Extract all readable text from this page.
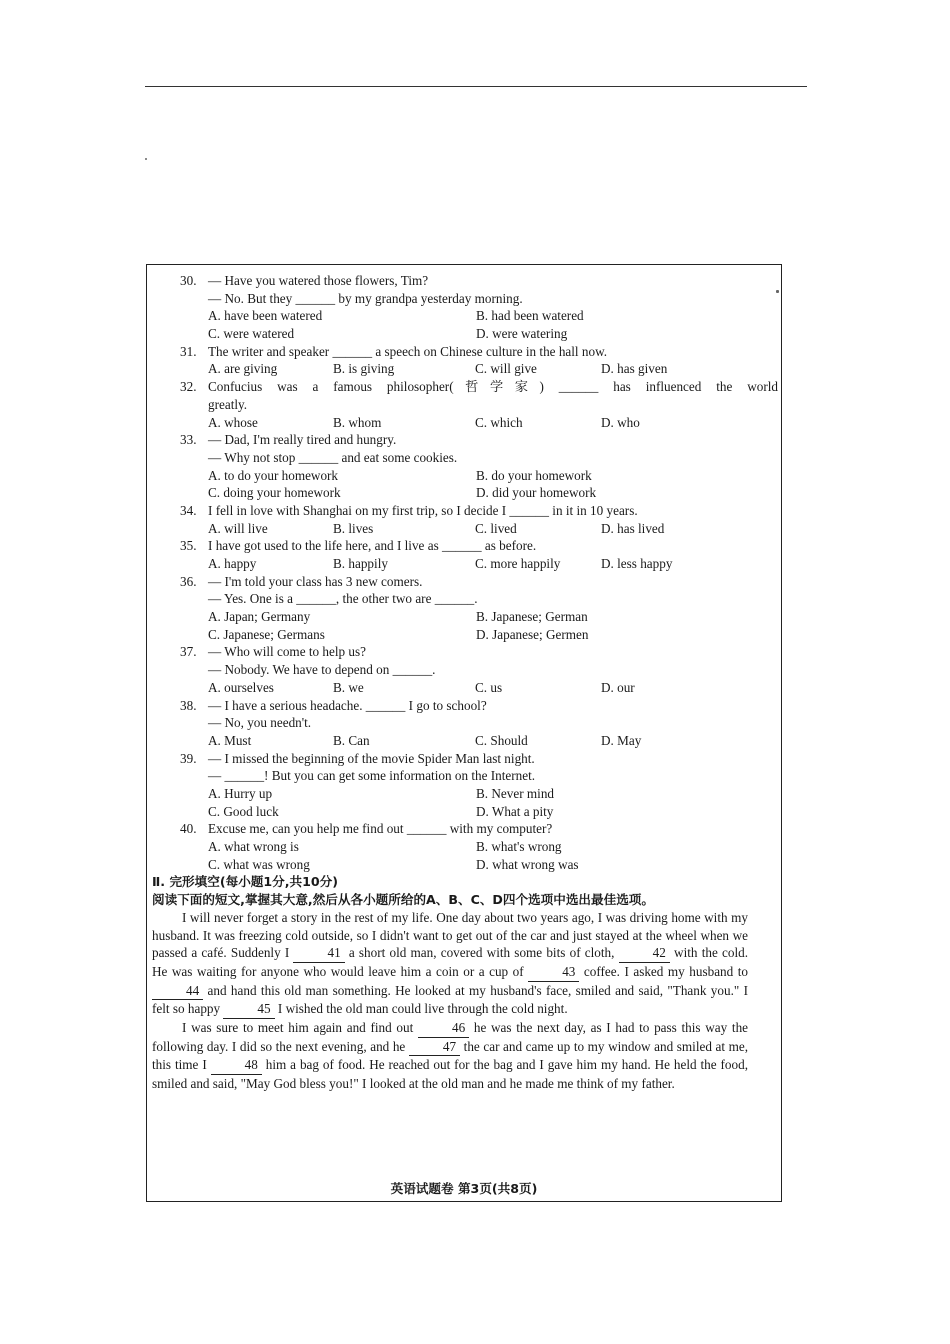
30. — Have you watered those flowers, Tim?
— No. But they ______ by my grandpa yesterday morning.
A. have been watered	B. had been watered
C. were watered	D. were watering
31. The writer and speaker ______ a speech on Chinese culture in the hall now.
A. are giving	B. is giving	C. will give	D. has given
32. Confucius was a famous philosopher(哲学家) ______ has influenced the world
greatly.
A. whose	B. whom	C. which	D. who
33. — Dad, I'm really tired and hungry.
— Why not stop ______ and eat some cookies.
A. to do your homework	B. do your homework
C. doing your homework	D. did your homework
34. I fell in love with Shanghai on my first trip, so I decide I ______ in it in 10 years.
A. will live	B. lives	C. lived	D. has lived
35. I have got used to the life here, and I live as ______ as before.
A. happy	B. happily	C. more happily	D. less happy
36. — I'm told your class has 3 new comers.
— Yes. One is a ______, the other two are ______.
A. Japan; Germany	B. Japanese; German
C. Japanese; Germans	D. Japanese; Germen
37. — Who will come to help us?
— Nobody. We have to depend on ______.
A. ourselves	B. we	C. us	D. our
38. — I have a serious headache. ______ I go to school?
— No, you needn't.
A. Must	B. Can	C. Should	D. May
39. — I missed the beginning of the movie Spider Man last night.
— ______! But you can get some information on the Internet.
A. Hurry up	B. Never mind
C. Good luck	D. What a pity
40. Excuse me, can you help me find out ______ with my computer?
A. what wrong is	B. what's wrong
C. what was wrong	D. what wrong was
Ⅱ. 完形填空(每小题1分,共10分)
阅读下面的短文,掌握其大意,然后从各小题所给的A、B、C、D四个选项中选出最佳选项。

I will never forget a story in the rest of my life. One day about two years ago, I was driving home with my husband. It was freezing cold outside, so I didn't want to get out of the car and just stayed at the wheel when we passed a café. Suddenly I	41 a short old man, covered with some bits of cloth,	42 with the cold. He was waiting for anyone who would leave him a coin or a cup of	43 coffee. I asked my husband to 44 and hand this old man something. He looked at my husband's face, smiled and said, "Thank you." I felt so happy	45 I wished the old man could live through the cold night.

I was sure to meet him again and find out	46 he was the next day, as I had to pass this way the following day. I did so the next evening, and he	47 the car and came up to my window and smiled at me, this time I	48 him a bag of food. He reached out for the bag and I gave him my hand. He held the food, smiled and said, "May God bless you!" I looked at the old man and he made me think of my father.

英语试题卷 第3页(共8页)
